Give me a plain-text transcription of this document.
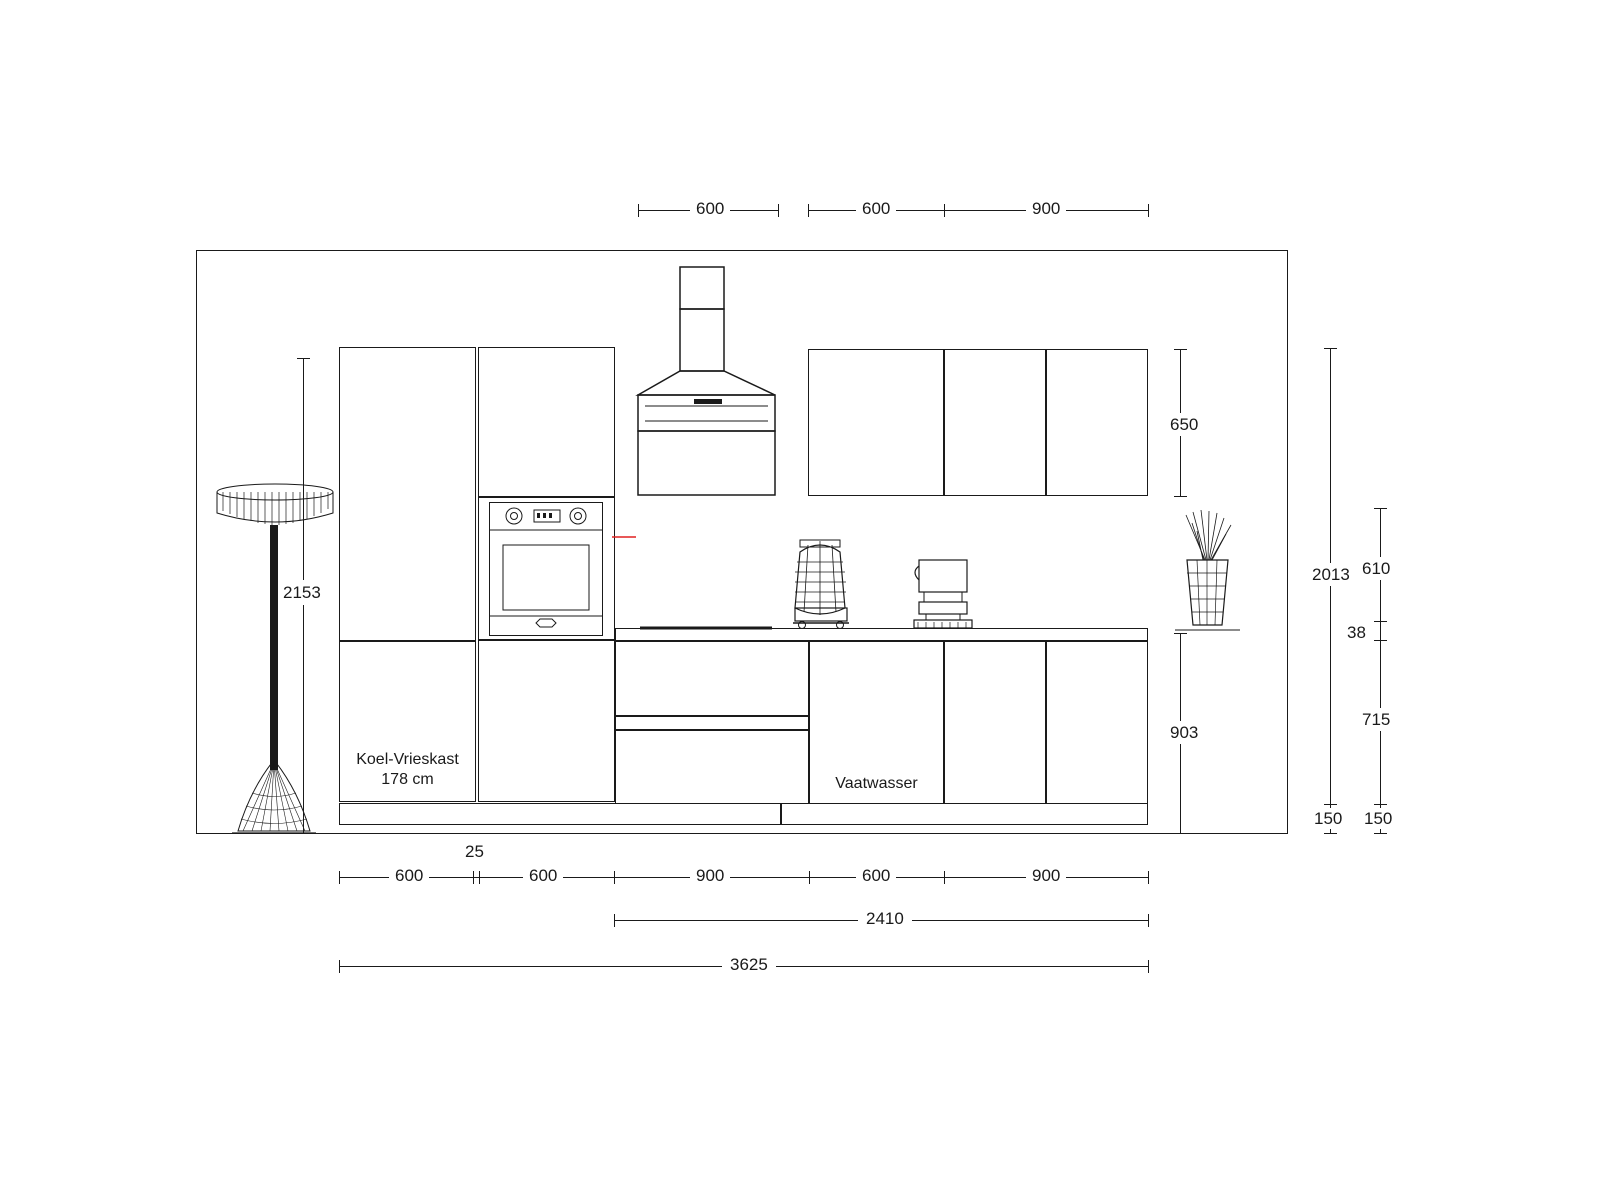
600	600	900
Koel-Vrieskast
178 cm	Vaatwasser
2153
650
903
2013
150
610
38
715
150
600
25
600	900	600	900
2410
3625
